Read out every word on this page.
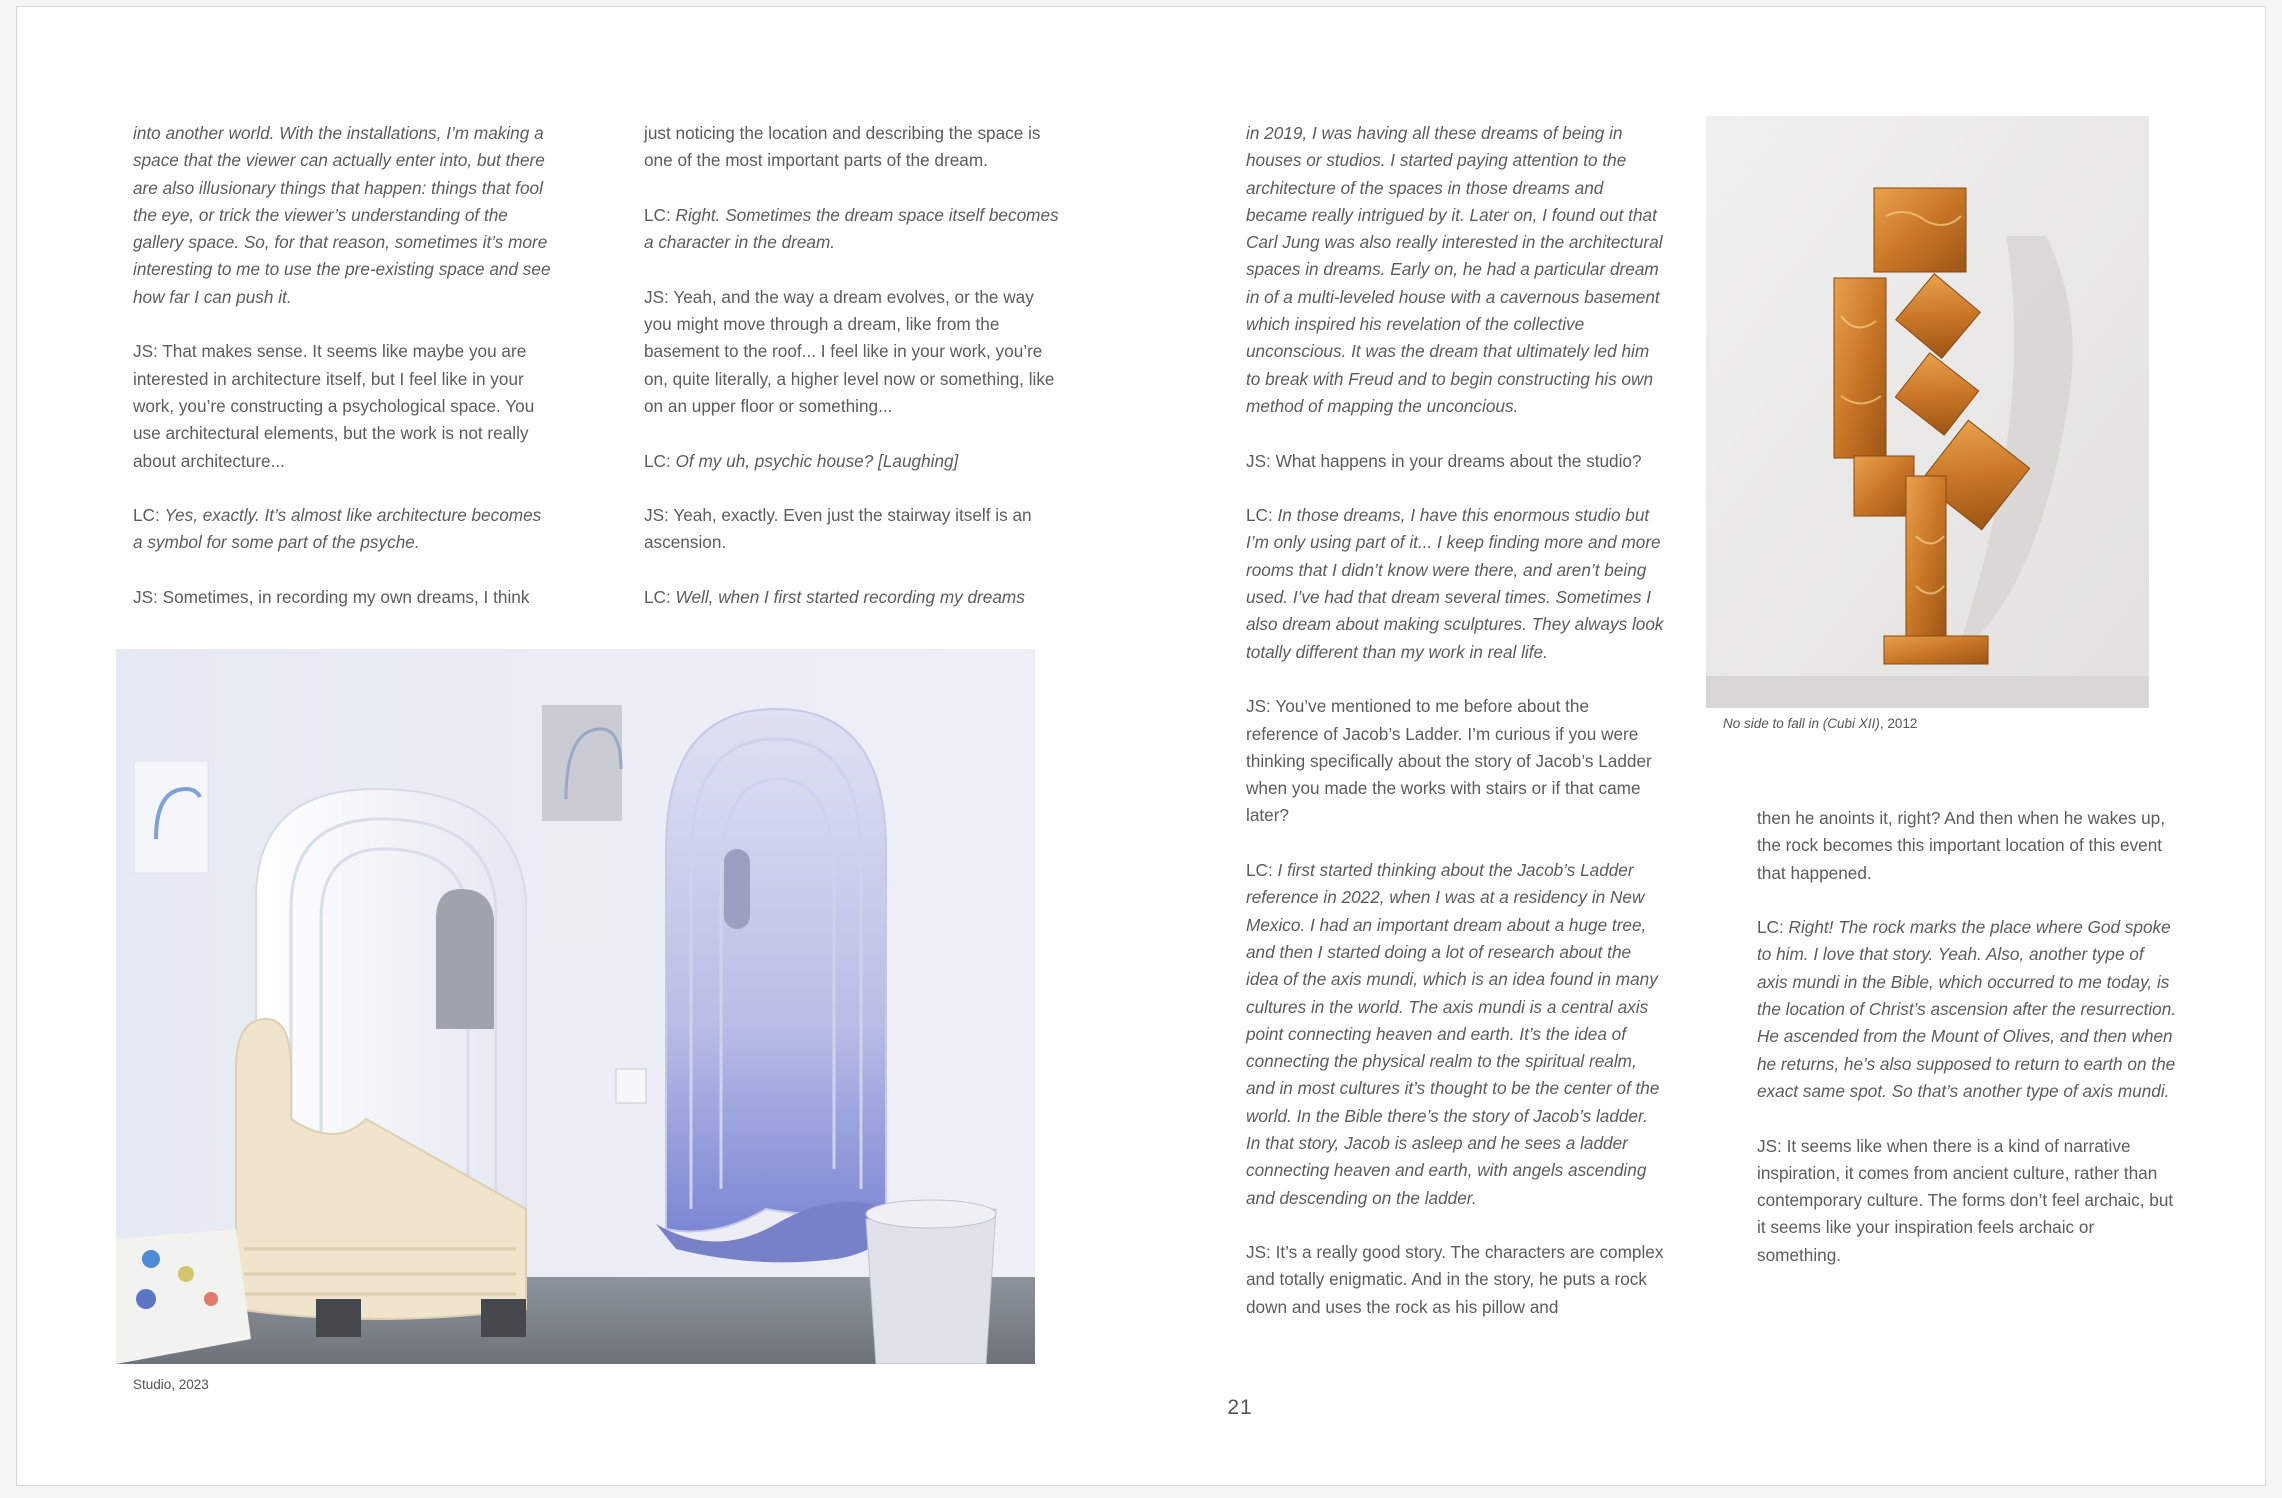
into another world. With the installations, I’m making a space that the viewer can actually enter into, but there are also illusionary things that happen: things that fool the eye, or trick the viewer’s understanding of the gallery space. So, for that reason, sometimes it’s more interesting to me to use the pre-existing space and see how far I can push it.

JS: That makes sense. It seems like maybe you are interested in architecture itself, but I feel like in your work, you’re constructing a psychological space. You use architectural elements, but the work is not really about architecture...

LC: Yes, exactly. It’s almost like architecture becomes a symbol for some part of the psyche.

JS: Sometimes, in recording my own dreams, I think

just noticing the location and describing the space is one of the most important parts of the dream.

LC: Right. Sometimes the dream space itself becomes a character in the dream.

JS: Yeah, and the way a dream evolves, or the way you might move through a dream, like from the basement to the roof... I feel like in your work, you’re on, quite literally, a higher level now or something, like on an upper floor or something...

LC: Of my uh, psychic house? [Laughing]

JS: Yeah, exactly. Even just the stairway itself is an ascension.

LC: Well, when I first started recording my dreams

in 2019, I was having all these dreams of being in houses or studios. I started paying attention to the architecture of the spaces in those dreams and became really intrigued by it. Later on, I found out that Carl Jung was also really interested in the architectural spaces in dreams. Early on, he had a particular dream in of a multi-leveled house with a cavernous basement which inspired his revelation of the collective unconscious. It was the dream that ultimately led him to break with Freud and to begin constructing his own method of mapping the unconcious.

JS: What happens in your dreams about the studio?

LC: In those dreams, I have this enormous studio but I’m only using part of it... I keep finding more and more rooms that I didn’t know were there, and aren’t being used. I’ve had that dream several times. Sometimes I also dream about making sculptures. They always look totally different than my work in real life.

JS: You’ve mentioned to me before about the reference of Jacob’s Ladder. I’m curious if you were thinking specifically about the story of Jacob’s Ladder when you made the works with stairs or if that came later?

LC: I first started thinking about the Jacob’s Ladder reference in 2022, when I was at a residency in New Mexico. I had an important dream about a huge tree, and then I started doing a lot of research about the idea of the axis mundi, which is an idea found in many cultures in the world. The axis mundi is a central axis point connecting heaven and earth. It’s the idea of connecting the physical realm to the spiritual realm, and in most cultures it’s thought to be the center of the world. In the Bible there’s the story of Jacob’s ladder. In that story, Jacob is asleep and he sees a ladder connecting heaven and earth, with angels ascending and descending on the ladder.

JS: It’s a really good story. The characters are complex and totally enigmatic. And in the story, he puts a rock down and uses the rock as his pillow and

then he anoints it, right? And then when he wakes up, the rock becomes this important location of this event that happened.

LC: Right! The rock marks the place where God spoke to him. I love that story. Yeah. Also, another type of axis mundi in the Bible, which occurred to me today, is the location of Christ’s ascension after the resurrection. He ascended from the Mount of Olives, and then when he returns, he’s also supposed to return to earth on the exact same spot. So that’s another type of axis mundi.

JS: It seems like when there is a kind of narrative inspiration, it comes from ancient culture, rather than contemporary culture. The forms don’t feel archaic, but it seems like your inspiration feels archaic or something.

Studio, 2023
No side to fall in (Cubi XII), 2012
21
